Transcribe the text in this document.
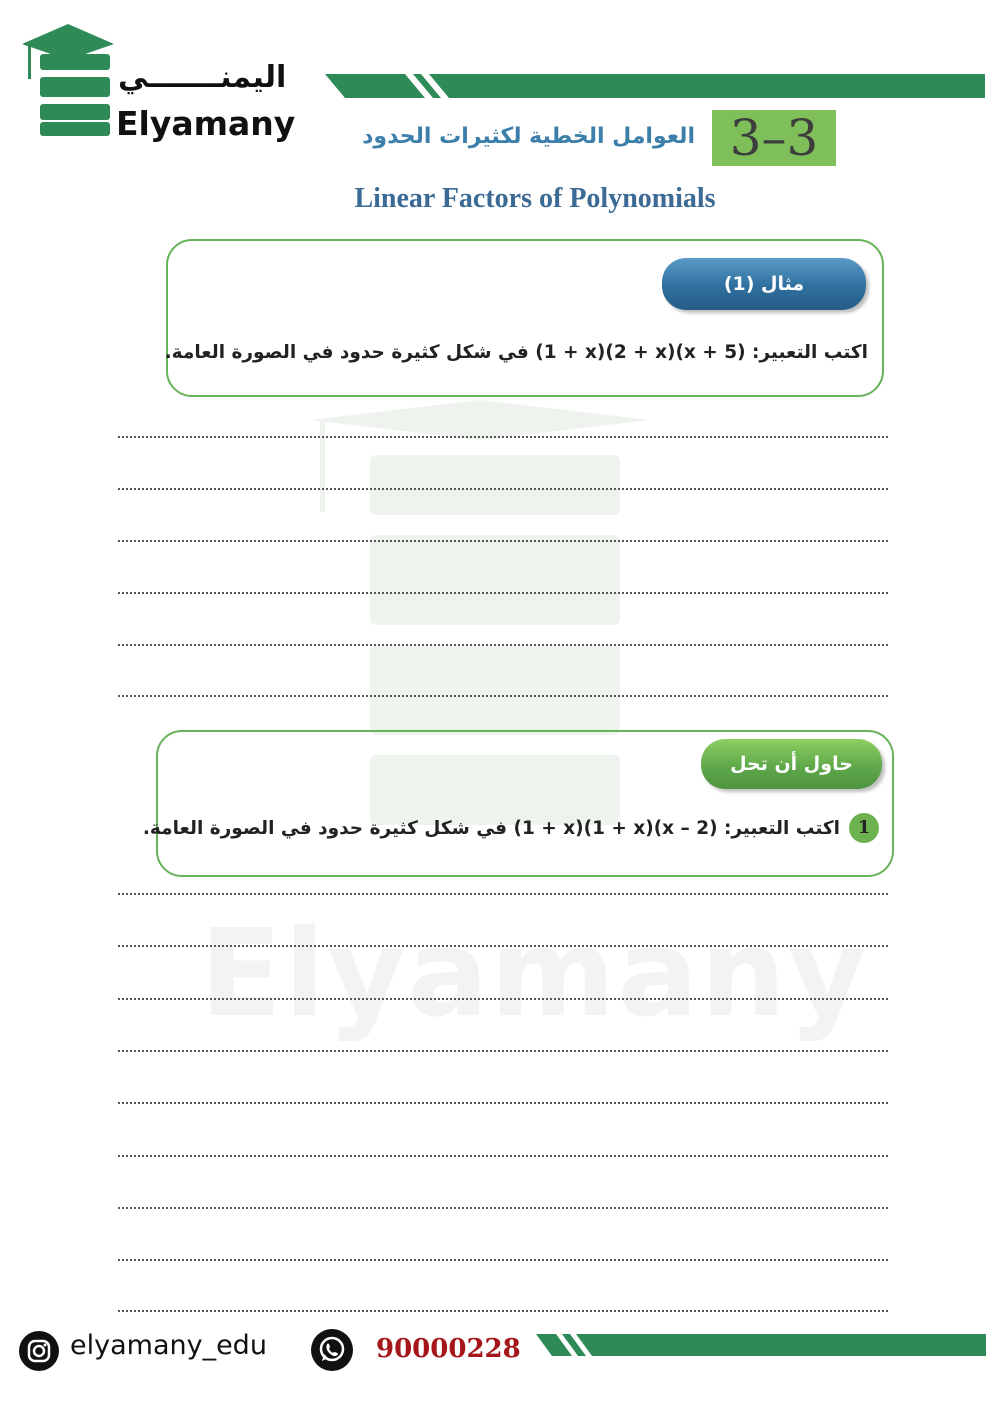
Elyamany
اليمنـــــــي
Elyamany	3–3
العوامل الخطية لكثيرات الحدود
Linear Factors of Polynomials
مثال (1)
اكتب التعبير: (5 + x)(2 + x)(1 + x) في شكل كثيرة حدود في الصورة العامة.
حاول أن تحل
1
اكتب التعبير: (2 – x)(1 + x)(1 + x) في شكل كثيرة حدود في الصورة العامة.
elyamany_edu	90000228
